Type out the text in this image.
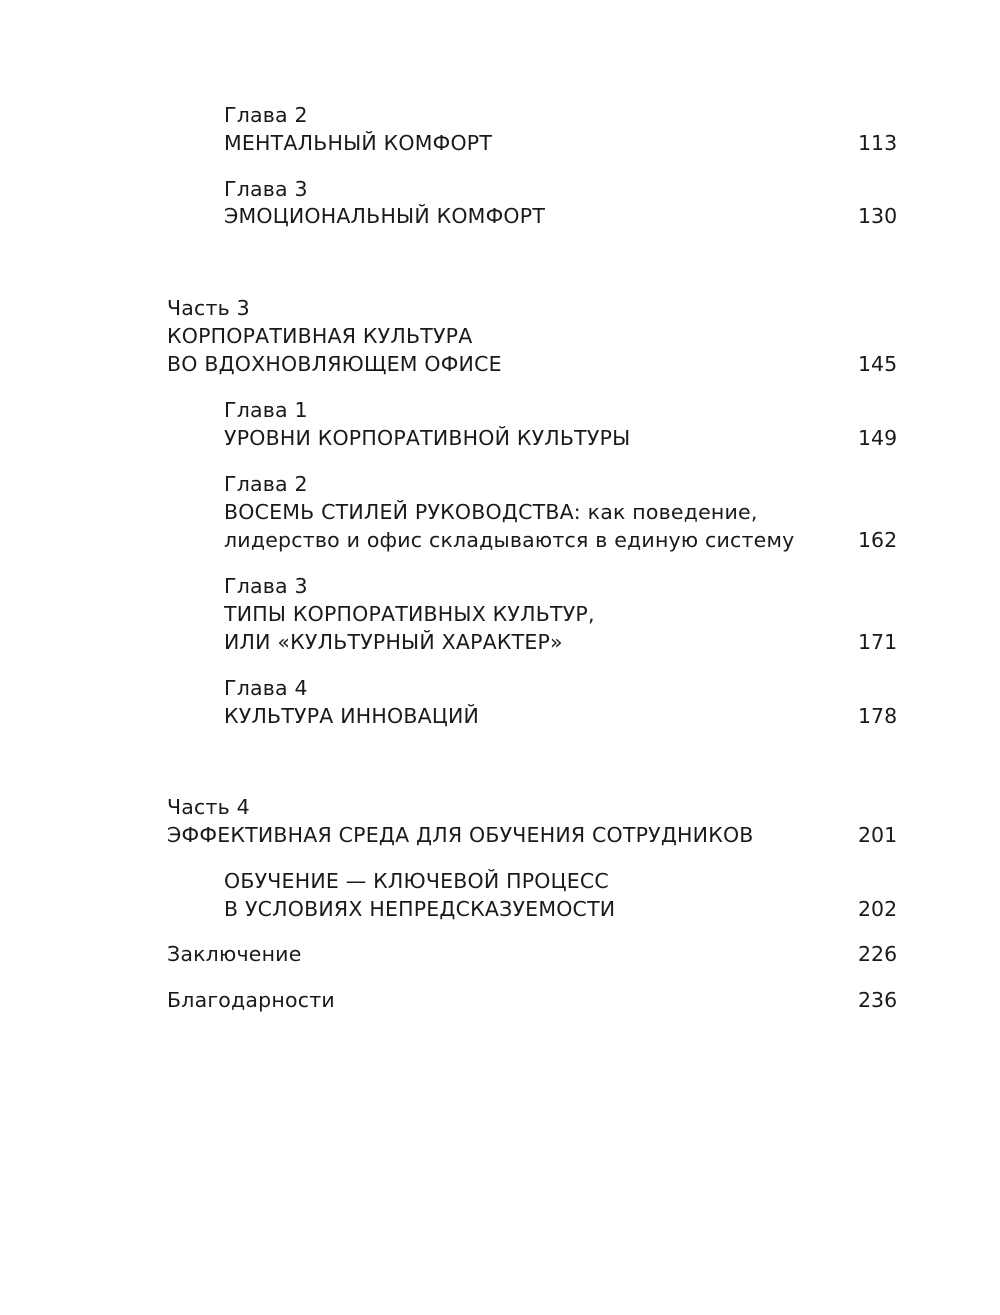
Глава 2
МЕНТАЛЬНЫЙ КОМФОРТ	113
Глава 3
ЭМОЦИОНАЛЬНЫЙ КОМФОРТ	130
Часть 3
КОРПОРАТИВНАЯ КУЛЬТУРА
ВО ВДОХНОВЛЯЮЩЕМ ОФИСЕ	145
Глава 1
УРОВНИ КОРПОРАТИВНОЙ КУЛЬТУРЫ	149
Глава 2
ВОСЕМЬ СТИЛЕЙ РУКОВОДСТВА: как поведение,
лидерство и офис складываются в единую систему	162
Глава 3
ТИПЫ КОРПОРАТИВНЫХ КУЛЬТУР,
ИЛИ «КУЛЬТУРНЫЙ ХАРАКТЕР»	171
Глава 4
КУЛЬТУРА ИННОВАЦИЙ	178
Часть 4
ЭФФЕКТИВНАЯ СРЕДА ДЛЯ ОБУЧЕНИЯ СОТРУДНИКОВ	201
ОБУЧЕНИЕ — КЛЮЧЕВОЙ ПРОЦЕСС
В УСЛОВИЯХ НЕПРЕДСКАЗУЕМОСТИ	202
Заключение	226
Благодарности	236
